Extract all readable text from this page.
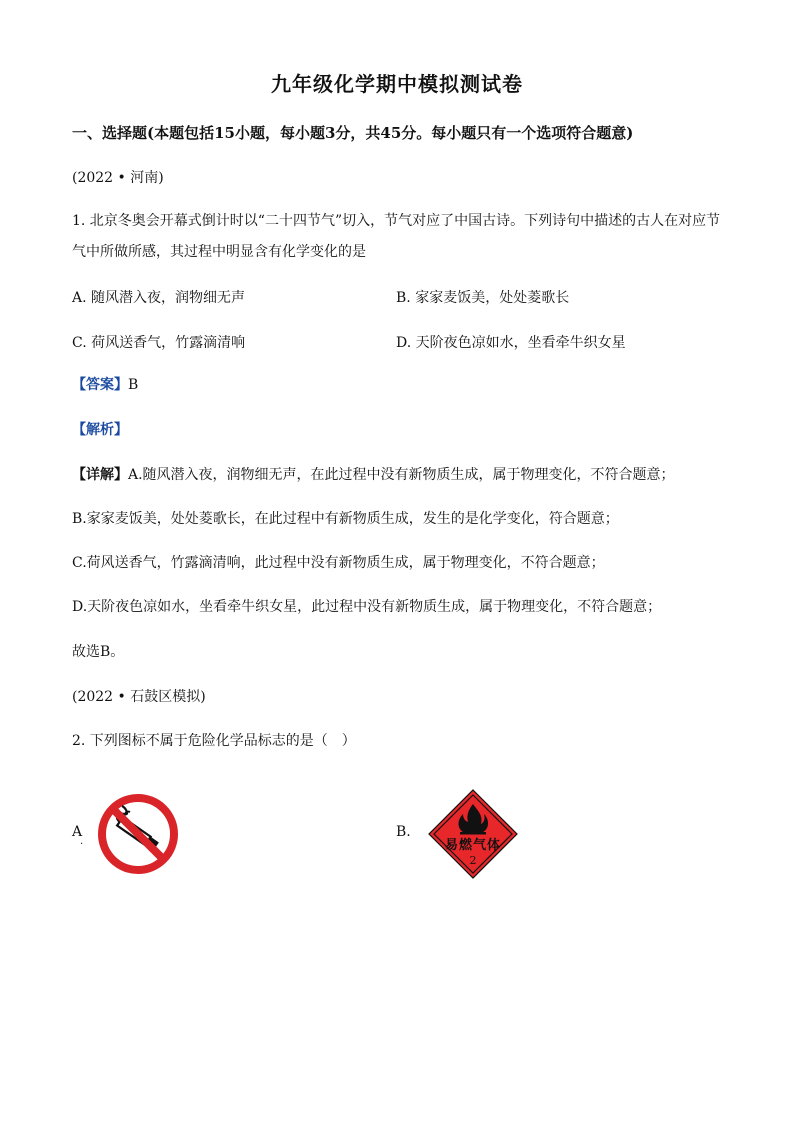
九年级化学期中模拟测试卷
一、选择题(本题包括15小题，每小题3分，共45分。每小题只有一个选项符合题意)
(2022 • 河南)
1. 北京冬奥会开幕式倒计时以“二十四节气”切入，节气对应了中国古诗。下列诗句中描述的古人在对应节
气中所做所感，其过程中明显含有化学变化的是
A. 随风潜入夜，润物细无声	B. 家家麦饭美，处处菱歌长
C. 荷风送香气，竹露滴清响	D. 天阶夜色凉如水，坐看牵牛织女星
【答案】B
【解析】
【详解】A.随风潜入夜，润物细无声，在此过程中没有新物质生成，属于物理变化，不符合题意；
B.家家麦饭美，处处菱歌长，在此过程中有新物质生成，发生的是化学变化，符合题意；
C.荷风送香气，竹露滴清响，此过程中没有新物质生成，属于物理变化，不符合题意；
D.天阶夜色凉如水，坐看牵牛织女星，此过程中没有新物质生成，属于物理变化，不符合题意；
故选B。
(2022 • 石鼓区模拟)
2. 下列图标不属于危险化学品标志的是（　）
A
.
B.
易燃气体
2
